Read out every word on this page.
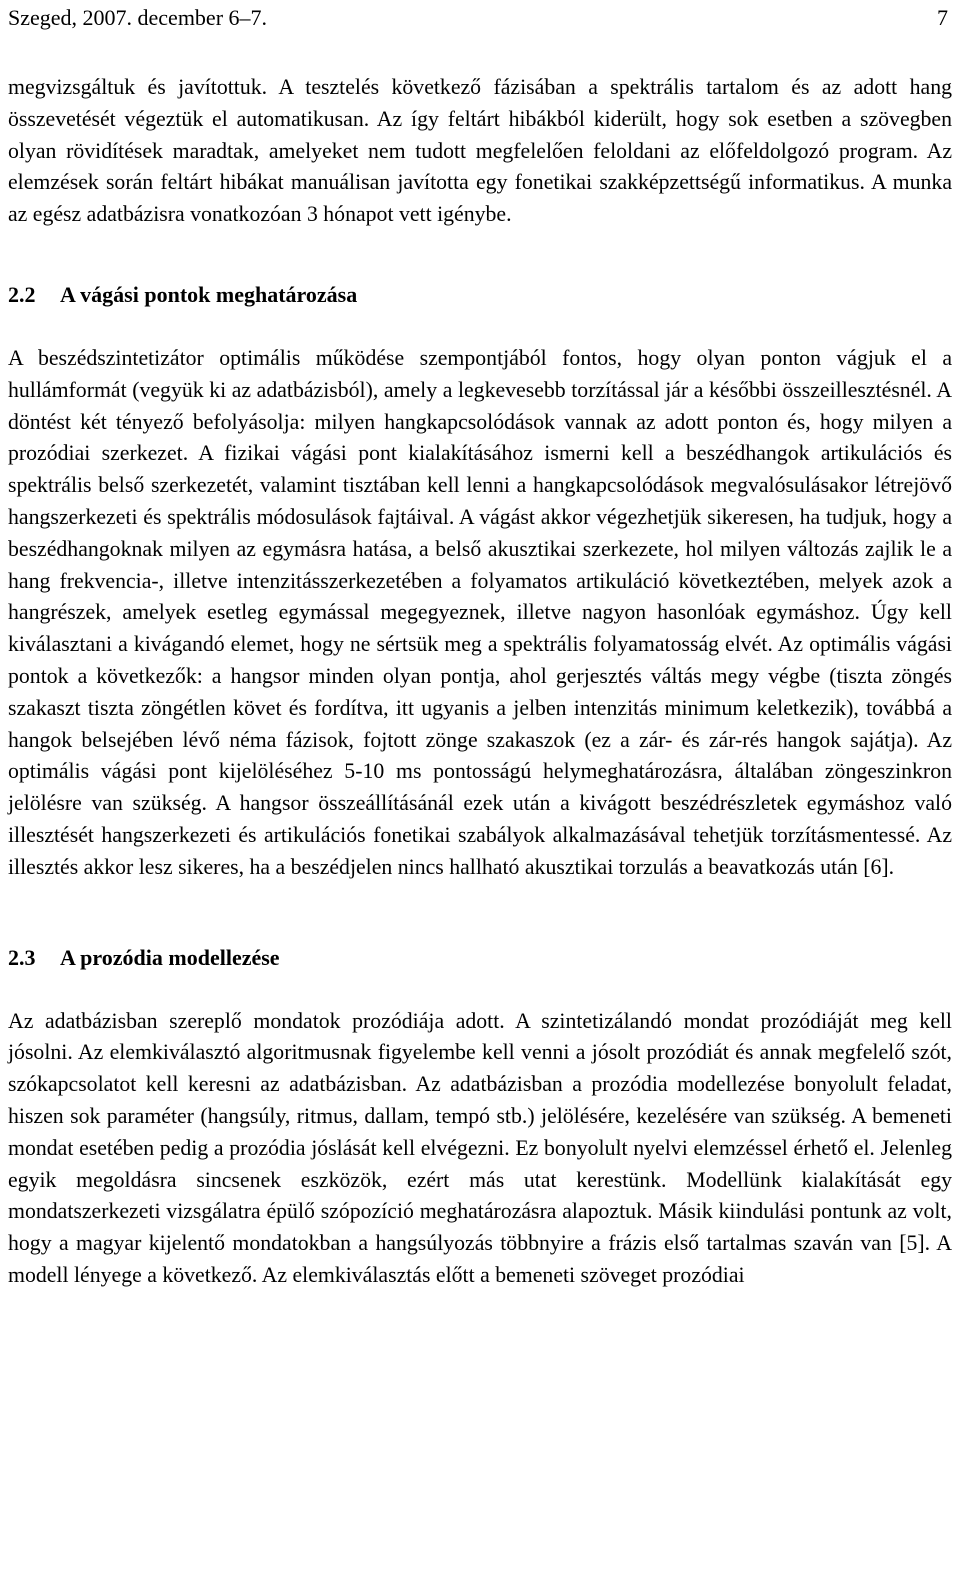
Szeged, 2007. december 6–7.	7

megvizsgáltuk és javítottuk. A tesztelés következő fázisában a spektrális tartalom és az adott hang összevetését végeztük el automatikusan. Az így feltárt hibákból kiderült, hogy sok esetben a szövegben olyan rövidítések maradtak, amelyeket nem tudott megfelelően feloldani az előfeldolgozó program. Az elemzések során feltárt hibákat manuálisan javította egy fonetikai szakképzettségű informatikus. A munka az egész adatbázisra vonatkozóan 3 hónapot vett igénybe.

2.2 A vágási pontok meghatározása

A beszédszintetizátor optimális működése szempontjából fontos, hogy olyan ponton vágjuk el a hullámformát (vegyük ki az adatbázisból), amely a legkevesebb torzítással jár a későbbi összeillesztésnél. A döntést két tényező befolyásolja: milyen hangkapcsolódások vannak az adott ponton és, hogy milyen a prozódiai szerkezet. A fizikai vágási pont kialakításához ismerni kell a beszédhangok artikulációs és spektrális belső szerkezetét, valamint tisztában kell lenni a hangkapcsolódások megvalósulásakor létrejövő hangszerkezeti és spektrális módosulások fajtáival. A vágást akkor végezhetjük sikeresen, ha tudjuk, hogy a beszédhangoknak milyen az egymásra hatása, a belső akusztikai szerkezete, hol milyen változás zajlik le a hang frekvencia-, illetve intenzitásszerkezetében a folyamatos artikuláció következtében, melyek azok a hangrészek, amelyek esetleg egymással megegyeznek, illetve nagyon hasonlóak egymáshoz. Úgy kell kiválasztani a kivágandó elemet, hogy ne sértsük meg a spektrális folyamatosság elvét. Az optimális vágási pontok a következők: a hangsor minden olyan pontja, ahol gerjesztés váltás megy végbe (tiszta zöngés szakaszt tiszta zöngétlen követ és fordítva, itt ugyanis a jelben intenzitás minimum keletkezik), továbbá a hangok belsejében lévő néma fázisok, fojtott zönge szakaszok (ez a zár- és zár-rés hangok sajátja). Az optimális vágási pont kijelöléséhez 5-10 ms pontosságú helymeghatározásra, általában zöngeszinkron jelölésre van szükség. A hangsor összeállításánál ezek után a kivágott beszédrészletek egymáshoz való illesztését hangszerkezeti és artikulációs fonetikai szabályok alkalmazásával tehetjük torzításmentessé. Az illesztés akkor lesz sikeres, ha a beszédjelen nincs hallható akusztikai torzulás a beavatkozás után [6].

2.3 A prozódia modellezése

Az adatbázisban szereplő mondatok prozódiája adott. A szintetizálandó mondat prozódiáját meg kell jósolni. Az elemkiválasztó algoritmusnak figyelembe kell venni a jósolt prozódiát és annak megfelelő szót, szókapcsolatot kell keresni az adatbázisban. Az adatbázisban a prozódia modellezése bonyolult feladat, hiszen sok paraméter (hangsúly, ritmus, dallam, tempó stb.) jelölésére, kezelésére van szükség. A bemeneti mondat esetében pedig a prozódia jóslását kell elvégezni. Ez bonyolult nyelvi elemzéssel érhető el. Jelenleg egyik megoldásra sincsenek eszközök, ezért más utat kerestünk. Modellünk kialakítását egy mondatszerkezeti vizsgálatra épülő szópozíció meghatározásra alapoztuk. Másik kiindulási pontunk az volt, hogy a magyar kijelentő mondatokban a hangsúlyozás többnyire a frázis első tartalmas szaván van [5]. A modell lényege a következő. Az elemkiválasztás előtt a bemeneti szöveget prozódiai
